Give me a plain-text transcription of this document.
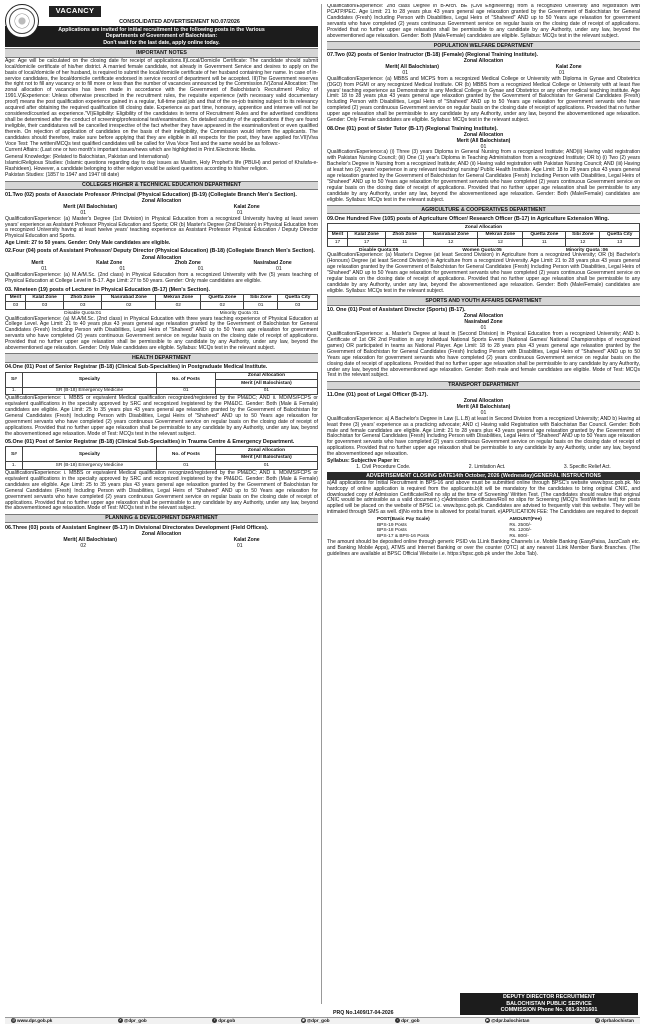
VACANCY
CONSOLIDATED ADVERTISEMENT NO.07/2026
Applications are invited for initial recruitment to the following posts in the Various
Departments of Government of Balochistan:
Don't wait for the last date, apply online today.
IMPORTANT NOTES

Age: Age will be calculated on the closing date for receipt of applications.II)Local/Domicile Certificate: The candidate should submit local/domicile certificate of his/her district. A married female candidate, not already in Government Service and desires to apply on the basis of local/domicile of her husband, is required to submit the local/domicile certificate of her husband containing her name. In case of in-service candidates, the local/domicile certificate endorsed in service record of department will be accepted. III)The Government reserves the right not to fill any vacancy or to fill more or less than the number of vacancies announced by the Commission.IV)Zonal Allocation: The zonal allocation of vacancies has been made in accordance with the Government of Balochistan's Recruitment Policy of 1991.V)Experience: Unless otherwise prescribed in the recruitment rules, the requisite experience (with necessary valid documentary proof) means the post qualification experience gained in a regular, full-time paid job and that of the on-job training subject to its relevancy acquired after obtaining the required qualification till closing date. Experience as part time, honorary, apprentice and internee will not be considered/counted as experience."VI)Eligibility: Eligibility of the candidates in terms of Recruitment Rules and the advertised conditions shall be determined after the conduct of screening/professional test/examination. On detailed scrutiny of the applications if they are found ineligible, their candidatures will be cancelled irrespective of the fact whether they have appeared in the examination/test or even qualified therein. On rejection of application of candidates on the basis of their ineligibility, the Commission would inform the applicants. The candidates should therefore, make sure before applying that they are eligible in all respects for the post, they have applied for.VII)Viva Voce Test: The written/MCQs test qualified candidates will be called for Viva Voce Test and the same would be as follows:-

Current Affairs: (Last one or two month's important issues/news which are highlighted in Print /Electronic Media.

General Knowledge: (Related to Balochistan, Pakistan and International)

Islamic/Religious Studies: (Islamic questions regarding day to day issues as Muslim, Holy Prophet's life (PBUH) and period of Khulafa-e-Rashideen). However, a candidate belonging to other religion would be asked questions according to his/her religion.

Pakistan Studies: (1857 to 1947 and 1947 till date)

COLLEGES HIGHER & TECHNICAL EDUCATION DEPARTMENT
01.Two (02) posts of Associate Professor /Principal (Physical Education) (B-19) (Collegiate Branch Men's Section).
Zonal Allocation
Merit (All Balochistan)	Kalat Zone
01	01

Qualification/Experience: (a) Master's Degree (1st Division) in Physical Education from a recognized University having at least seven years' experience as Assistant Professor Physical Education and Sports; OR (b) Master's Degree (2nd Division) in Physical Education from a recognized University having at least twelve years' teaching experience as Assistant Professor Physical Education / Deputy Director Physical Education and Sports.

Age Limit: 27 to 50 years. Gender: Only Male candidates are eligible.

02.Four (04) posts of Assistant Professor/ Deputy Director (Physical Education) (B-18) (Collegiate Branch Men's Section).
Zonal Allocation
Merit	Kalat Zone	Zhob Zone	Nasirabad Zone
01	01	01	01

Qualification/Experience: (a) M.A/M.Sc. (2nd class) in Physical Education from a recognized University with five (5) years teaching of Physical Education at College Level in B-17. Age Limit: 27 to 50 years. Gender: Only male candidates are eligible.

03. Nineteen (19) posts of Lecturer in Physical Education (B-17) (Men's Section).
Merit	Kalat Zone	Zhob Zone	Nasirabad Zone	Mekran Zone	Quetta Zone	Sibi Zone	Quetta City
03	03	03	02	02	02	01	03
Disable Quota:01	Minority Quota :01

Qualification/Experience: (a) M.A/M.Sc. (2nd class) in Physical Education with three years teaching experience of Physical Education at College Level. Age Limit: 21 to 40 years plus 43 years general age relaxation granted by the Government of Balochistan for General Candidates (Fresh) Including Person with Disabilities, Legal Heirs of "Shaheed" AND up to 50 Years age relaxation for government servants who have completed (2) years continuous Government service on regular basis on the closing date of receipt of applications. Provided that no further upper age relaxation shall be permissible to any candidate by any Authority, under any law, beyond the abovementioned age relaxation. Gender: Only Male candidates are eligible. Syllabus: MCQs test in the relevant subject.

HEALTH DEPARTMENT
04.One (01) Post of Senior Registrar (B-18) (Clinical Sub-Specialties) in Postgraduate Medical Institute.
S#	Specialty	No. of Posts	Zonal Allocation
			Merit (All Balochistan)
1.	SR (B-18) Emergency Medicine	01	01

Qualification/Experience: i. MBBS or equivalent Medical qualification recognized/registered by the PM&DC; AND ii. MD/MS/FCPS or equivalent qualifications in the specialty approved by SRC and recognized /registered by the PM&DC. Gender: Both (Male & Female) candidates are eligible. Age Limit: 25 to 35 years plus 43 years general age relaxation granted by the Government of Balochistan for General Candidates (Fresh) Including Person with Disabilities, Legal Heirs of "Shaheed" AND up to 50 Years age relaxation for government servants who have completed (2) years continuous Government service on regular basis on the closing date of receipt of applications. Provided that no further upper age relaxation shall be permissible to any candidate by any Authority, under any law, beyond the abovementioned age relaxation. Mode of Test: MCQs test in the relevant subject.

05.One (01) Post of Senior Registrar (B-18) (Clinical Sub-Specialties) in Trauma Centre & Emergency Department.
S#	Specialty	No. of Posts	Zonal Allocation
			Merit (All Balochistan)
1.	SR (B-18) Emergency Medicine	01	01

Qualification/Experience: i. MBBS or equivalent Medical qualification recognized/registered by the PM&DC; AND ii. MD/MS/FCPS or equivalent qualifications in the specialty approved by SRC and recognized /registered by the PM&DC. Gender: Both (Male & Female) candidates are eligible. Age Limit: 25 to 35 years plus 43 years general age relaxation granted by the Government of Balochistan for General Candidates (Fresh) Including Person with Disabilities, Legal Heirs of "Shaheed" AND up to 50 Years age relaxation for government servants who have completed (2) years continuous Government service on regular basis on the closing date of receipt of applications. Provided that no further upper age relaxation shall be permissible to any candidate by any Authority, under any law, beyond the abovementioned age relaxation. Mode of Test: MCQs test in the relevant subject.

PLANNING & DEVELOPMENT DEPARTMENT
06.Three (03) posts of Assistant Engineer (B-17) in Divisional Directorates Development (Field Offices).
Zonal Allocation
Merit( All Balochistan)	Kalat Zone
02	01

Qualification/Experience: 2nd class Degree in B-Arch. BE (Civil Engineering) from a recognized University and registration with PCATP/PEC. Age Limit: 21 to 28 years plus 43 years general age relaxation granted by the Government of Balochistan for General Candidates (Fresh) Including Person with Disabilities, Legal Heirs of "Shaheed" AND up to 50 Years age relaxation for government servants who have completed (2) years continuous Government service on regular basis on the closing date of receipt of applications. Provided that no further upper age relaxation shall be permissible to any candidate by any Authority, under any law, beyond the abovementioned age relaxation. Gender: Both (Male/Female) candidates are eligible. Syllabus: MCQs test in the relevant subject.

POPULATION WELFARE DEPARTMENT
07.Two (02) posts of Senior Instructor (B-18) (Female) (Regional Training Institute).
Zonal Allocation
Merit( All Balochistan)	Kalat Zone
01	01

Qualification/Experience: (a) MBBS and MCPS from a recognized Medical College or University with Diploma in Gynae and Obstetrics (DGO) from PGMI or any recognized Medical Institute. OR (b) MBBS from a recognized Medical College or University with at least five years' teaching experience as Demonstrator in any Medical College in Gynae and Obstetrics or any other medical teaching institute. Age Limit: 18 to 28 years plus 43 years general age relaxation granted by the Government of Balochistan for General Candidates (Fresh) Including Person with Disabilities, Legal Heirs of "Shaheed" AND up to 50 Years age relaxation for government servants who have completed (2) years continuous Government service on regular basis on the closing date of receipt of applications. Provided that no further upper age relaxation shall be permissible to any candidate by any Authority, under any law, beyond the abovementioned age relaxation. Gender: Only Female candidates are eligible. Syllabus: MCQs test in the relevant subject.

08.One (01) post of Sister Tutor (B-17) (Regional Training Institute).
Zonal Allocation
Merit (All Balochistan)
01

Qualification/Experience:a) (i) Three (3) years Diploma in General Nursing from a recognized Institute; AND(ii) Having valid registration with Pakistan Nursing Council; (iii) One (1) year's Diploma in Teaching Administration from a recognized Institute; OR b) (i) Two (2) years Bachelor's Degree in Nursing from a recognized Institute; AND (ii) Having valid registration with Pakistan Nursing Council; AND (iii) Having at least two (2) years' experience in any relevant teaching/ nursing/ Public Health Institute. Age Limit: 18 to 28 years plus 43 years general age relaxation granted by the Government of Balochistan for General Candidates (Fresh) Including Person with Disabilities, Legal Heirs of "Shaheed" AND up to 50 Years age relaxation for government servants who have completed (2) years continuous Government service on regular basis on the closing date of receipt of applications. Provided that no further upper age relaxation shall be permissible to any candidate by any Authority, under any law, beyond the abovementioned age relaxation. Gender: Both (Male/Female) candidates are eligible. Syllabus: MCQs test in the relevant subject.

AGRICULTURE & COOPERATIVES DEPARTMENT
09.One Hundred Five (105) posts of Agriculture Officer/ Research Officer (B-17) in Agriculture Extension Wing.
Zonal Allocation							
Merit	Kalat Zone	Zhob Zone	Nasirabad Zone	Mekran Zone	Quetta Zone	Sibi Zone	Quetta City
17	17	11	12	12	11	12	13
Disable Quota:05	Women Quota:05	Minority Quota :06

Qualification/Experience: (a) Master's Degree (at least Second Division) in Agriculture from a recognized University; OR (b) Bachelor's (Honours) Degree (at least Second Division) in Agriculture from a recognized University. Age Limit: 21 to 28 years plus 43 years general age relaxation granted by the Government of Balochistan for General Candidates (Fresh) Including Person with Disabilities, Legal Heirs of "Shaheed" AND up to 50 Years age relaxation for government servants who have completed (2) years continuous Government service on regular basis on the closing date of receipt of applications. Provided that no further upper age relaxation shall be permissible to any candidate by any Authority, under any law, beyond the abovementioned age relaxation. Gender: Both (Male/Female) candidates are eligible. Syllabus: MCQs test in the relevant subject.

SPORTS AND YOUTH AFFAIRS DEPARTMENT
10. One (01) Post of Assistant Director (Sports) (B-17).
Zonal Allocation
Nasirabad Zone
01

Qualification/Experience: a. Master's Degree at least in (Second Division) in Physical Education from a recognized University; AND b. Certificate of 1st OR 2nd Position in any Individual National Sports Events (National Games/ National Championships of recognized games) OR participated in teams as National Player. Age Limit: 18 to 28 years plus 43 years general age relaxation granted by the Government of Balochistan for General Candidates (Fresh) Including Person with Disabilities, Legal Heirs of "Shaheed" AND up to 50 Years age relaxation for government servants who have completed (2) years continuous Government service on regular basis on the closing date of receipt of applications. Provided that no further upper age relaxation shall be permissible to any candidate by any Authority, under any law, beyond the abovementioned age relaxation. Gender: Both male and female candidates are eligible. Mode of Test: MCQs Test in the relevant subject.

TRANSPORT DEPARTMENT
11.One (01) post of Legal Officer (B-17).
Zonal Allocation
Merit (All Balochistan)
01

Qualification/Experience: a) A Bachelor's Degree in Law (L.L.B) at least in Second Division from a recognized University; AND b) Having at least three (3) years' experience as a practicing advocate; AND c) Having valid Registration with Balochistan Bar Council. Gender: Both male and female candidates are eligible. Age Limit: 21 to 28 years plus 43 years general age relaxation granted by the Government of Balochistan for General Candidates (Fresh) Including Person with Disabilities, Legal Heirs of "Shaheed" AND up to 50 Years age relaxation for government servants who have completed (2) years continuous Government service on regular basis on the closing date of receipt of applications. Provided that no further upper age relaxation shall be permissible to any candidate by any Authority, under any law, beyond the abovementioned age relaxation.

Syllabus: Subjective Paper in:

1. Civil Procedure Code.	2. Limitation Act.	3. Specific Relief Act.
ADVERTISEMENT CLOSING DATE14th October, 2026 (Wednesday)GENERAL INSTRUCTIONS

a)All applications for Initial Recruitment in BPS-16 and above must be submitted online through BPSC's website www.bpsc.gob.pk. No hardcopy of online application is required from the applicants.b)It will be mandatory for the candidates to bring original CNIC, and downloaded copy of Admission Certificate/Roll no slip at the time of Screening/ Written Test. (The candidates should realize that original CNIC would be admissible as a valid document.) c)Admission Certificates/Roll no slips for Screening (MCQ's Test/Written test) for posts applied will be placed on the website of BPSC i.e. www.bpsc.gob.pk. Candidates are advised to frequently visit this website. They will be intimated through SMS as well. d)No extra time is allowed for postal transit. e)APPLICATION FEE: The Candidates are required to deposit

POST(Basic Pay Scale)	AMOUNT(Fee)
BPS-19 Posts	Rs. 2500/-
BPS-18 Posts	Rs. 1200/-
BPS-17 & BPS-16 Posts	Rs. 800/-

The amount should be deposited online through generic PSID via 1Link Banking Channels i.e. Mobile Banking (EasyPaisa, JazzCash etc. and Banking Mobile Apps), ATMS and Internet Banking or over the counter (OTC) at any nearest 1Link Member Bank Branches. (The guidelines are available at BPSC Official Website i.e. https://bpsc.gob.pk under the Jobs Tab).

PRQ No.1409/17-04-2026
DEPUTY DIRECTOR RECRUITMENT
BALOCHISTAN PUBLIC SERVICE
COMMISSION Phone No. 081-9201601
◎ www.dpr.gob.pk	X @dpr_gob	f dpr.gob	◉ @dpr_gob	♪ dpr_gob	▶ @dpr.balochistan	@ dprbalochistan
